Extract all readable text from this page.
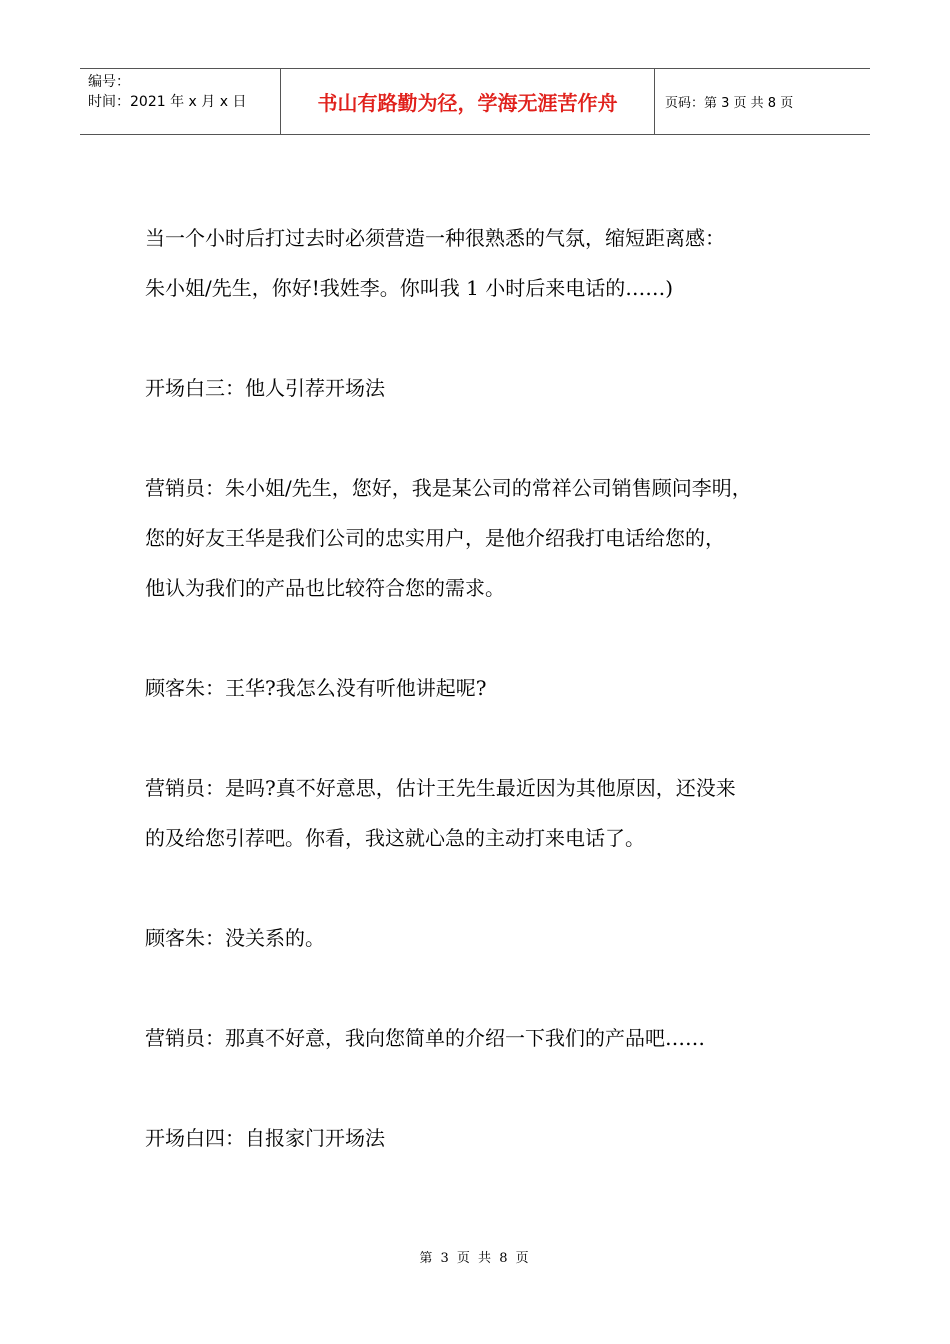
编号：
时间：2021 年 x 月 x 日	书山有路勤为径，学海无涯苦作舟	页码：第 3 页 共 8 页

当一个小时后打过去时必须营造一种很熟悉的气氛，缩短距离感：

朱小姐/先生，你好!我姓李。你叫我 1 小时后来电话的……)

开场白三：他人引荐开场法

营销员：朱小姐/先生，您好，我是某公司的常祥公司销售顾问李明，

您的好友王华是我们公司的忠实用户，是他介绍我打电话给您的，

他认为我们的产品也比较符合您的需求。

顾客朱：王华?我怎么没有听他讲起呢?

营销员：是吗?真不好意思，估计王先生最近因为其他原因，还没来

的及给您引荐吧。你看，我这就心急的主动打来电话了。

顾客朱：没关系的。

营销员：那真不好意，我向您简单的介绍一下我们的产品吧……

开场白四：自报家门开场法

第 3 页 共 8 页
